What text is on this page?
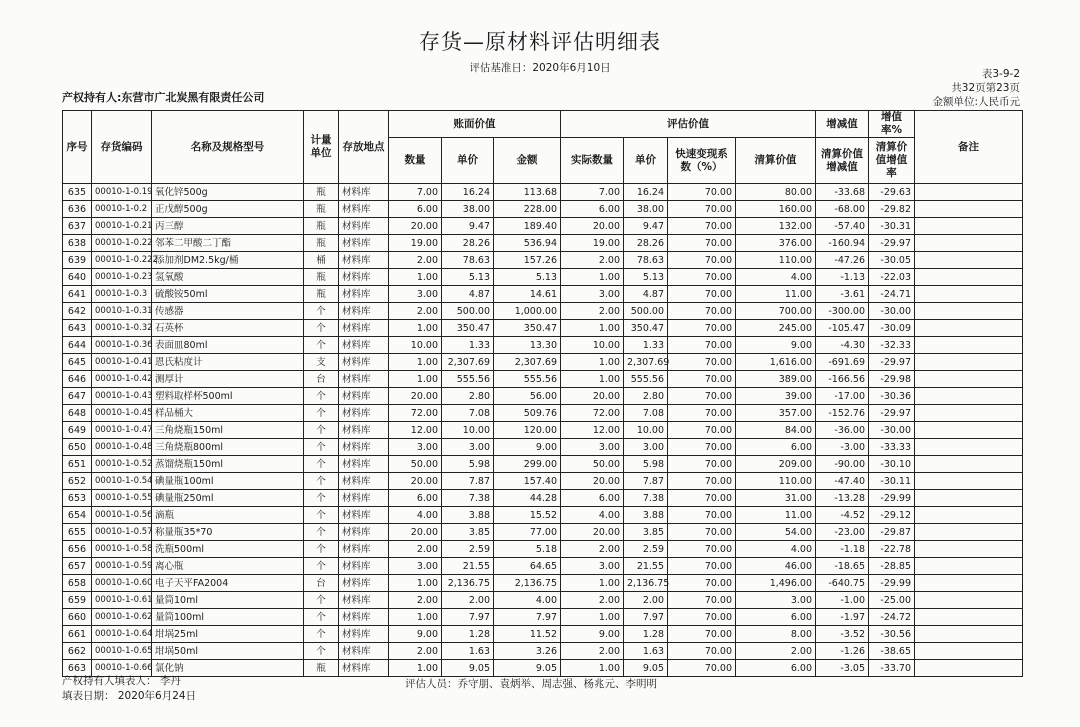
存货—原材料评估明细表
评估基准日：2020年6月10日	表3-9-2
共32页第23页
金额单位:人民币元
产权持有人:东营市广北炭黑有限责任公司
序号	存货编码	名称及规格型号	计量单位	存放地点	账面价值			评估价值				增减值	增值率%	备注
					数量	单价	金额	实际数量	单价	快速变现系数（%）	清算价值	清算价值增减值	清算价值增值率	
635	00010-1-0.19	氧化锌500g	瓶	材料库	7.00	16.24	113.68	7.00	16.24	70.00	80.00	-33.68	-29.63	
636	00010-1-0.2	正戊醇500g	瓶	材料库	6.00	38.00	228.00	6.00	38.00	70.00	160.00	-68.00	-29.82	
637	00010-1-0.21	丙三醇	瓶	材料库	20.00	9.47	189.40	20.00	9.47	70.00	132.00	-57.40	-30.31	
638	00010-1-0.22	邻苯二甲酸二丁酯	瓶	材料库	19.00	28.26	536.94	19.00	28.26	70.00	376.00	-160.94	-29.97	
639	00010-1-0.222	添加剂DM2.5kg/桶	桶	材料库	2.00	78.63	157.26	2.00	78.63	70.00	110.00	-47.26	-30.05	
640	00010-1-0.23	氢氧酸	瓶	材料库	1.00	5.13	5.13	1.00	5.13	70.00	4.00	-1.13	-22.03	
641	00010-1-0.3	硫酸铵50ml	瓶	材料库	3.00	4.87	14.61	3.00	4.87	70.00	11.00	-3.61	-24.71	
642	00010-1-0.31	传感器	个	材料库	2.00	500.00	1,000.00	2.00	500.00	70.00	700.00	-300.00	-30.00	
643	00010-1-0.32	石英杯	个	材料库	1.00	350.47	350.47	1.00	350.47	70.00	245.00	-105.47	-30.09	
644	00010-1-0.36	表面皿80ml	个	材料库	10.00	1.33	13.30	10.00	1.33	70.00	9.00	-4.30	-32.33	
645	00010-1-0.41	恩氏粘度计	支	材料库	1.00	2,307.69	2,307.69	1.00	2,307.69	70.00	1,616.00	-691.69	-29.97	
646	00010-1-0.42	测厚计	台	材料库	1.00	555.56	555.56	1.00	555.56	70.00	389.00	-166.56	-29.98	
647	00010-1-0.43	塑料取样杯500ml	个	材料库	20.00	2.80	56.00	20.00	2.80	70.00	39.00	-17.00	-30.36	
648	00010-1-0.45	样品桶大	个	材料库	72.00	7.08	509.76	72.00	7.08	70.00	357.00	-152.76	-29.97	
649	00010-1-0.47	三角烧瓶150ml	个	材料库	12.00	10.00	120.00	12.00	10.00	70.00	84.00	-36.00	-30.00	
650	00010-1-0.48	三角烧瓶800ml	个	材料库	3.00	3.00	9.00	3.00	3.00	70.00	6.00	-3.00	-33.33	
651	00010-1-0.52	蒸馏烧瓶150ml	个	材料库	50.00	5.98	299.00	50.00	5.98	70.00	209.00	-90.00	-30.10	
652	00010-1-0.54	碘量瓶100ml	个	材料库	20.00	7.87	157.40	20.00	7.87	70.00	110.00	-47.40	-30.11	
653	00010-1-0.55	碘量瓶250ml	个	材料库	6.00	7.38	44.28	6.00	7.38	70.00	31.00	-13.28	-29.99	
654	00010-1-0.56	滴瓶	个	材料库	4.00	3.88	15.52	4.00	3.88	70.00	11.00	-4.52	-29.12	
655	00010-1-0.57	称量瓶35*70	个	材料库	20.00	3.85	77.00	20.00	3.85	70.00	54.00	-23.00	-29.87	
656	00010-1-0.58	洗瓶500ml	个	材料库	2.00	2.59	5.18	2.00	2.59	70.00	4.00	-1.18	-22.78	
657	00010-1-0.59	离心瓶	个	材料库	3.00	21.55	64.65	3.00	21.55	70.00	46.00	-18.65	-28.85	
658	00010-1-0.60	电子天平FA2004	台	材料库	1.00	2,136.75	2,136.75	1.00	2,136.75	70.00	1,496.00	-640.75	-29.99	
659	00010-1-0.61	量筒10ml	个	材料库	2.00	2.00	4.00	2.00	2.00	70.00	3.00	-1.00	-25.00	
660	00010-1-0.62	量筒100ml	个	材料库	1.00	7.97	7.97	1.00	7.97	70.00	6.00	-1.97	-24.72	
661	00010-1-0.64	坩埚25ml	个	材料库	9.00	1.28	11.52	9.00	1.28	70.00	8.00	-3.52	-30.56	
662	00010-1-0.65	坩埚50ml	个	材料库	2.00	1.63	3.26	2.00	1.63	70.00	2.00	-1.26	-38.65	
663	00010-1-0.66	氯化钠	瓶	材料库	1.00	9.05	9.05	1.00	9.05	70.00	6.00	-3.05	-33.70	
产权持有人填表人： 李丹
填表日期： 2020年6月24日
评估人员：乔守朋、袁炳举、周志强、杨兆元、李明明
